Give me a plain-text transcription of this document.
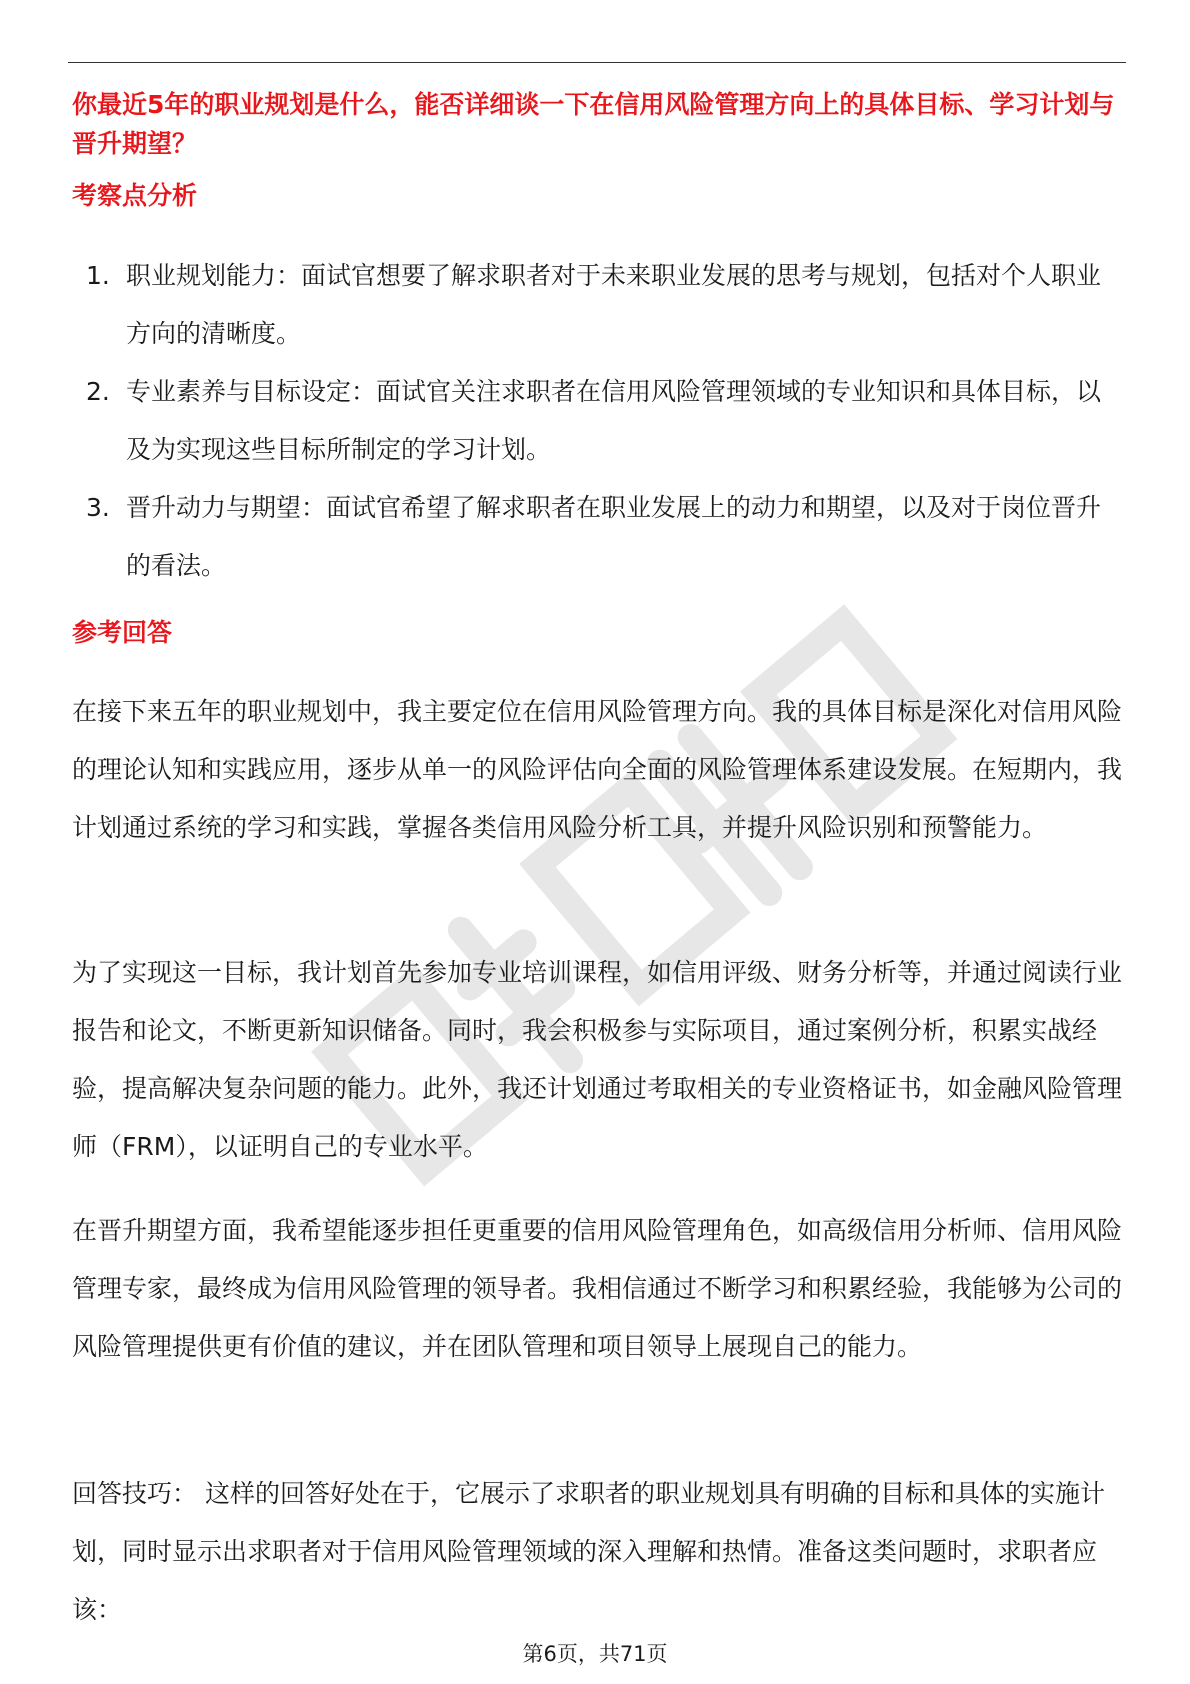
你最近5年的职业规划是什么，能否详细谈一下在信用风险管理方向上的具体目标、学习计划与晋升期望？
考察点分析
1. 职业规划能力：面试官想要了解求职者对于未来职业发展的思考与规划，包括对个人职业方向的清晰度。
2. 专业素养与目标设定：面试官关注求职者在信用风险管理领域的专业知识和具体目标，以及为实现这些目标所制定的学习计划。
3. 晋升动力与期望：面试官希望了解求职者在职业发展上的动力和期望，以及对于岗位晋升的看法。
参考回答

在接下来五年的职业规划中，我主要定位在信用风险管理方向。我的具体目标是深化对信用风险的理论认知和实践应用，逐步从单一的风险评估向全面的风险管理体系建设发展。在短期内，我计划通过系统的学习和实践，掌握各类信用风险分析工具，并提升风险识别和预警能力。

为了实现这一目标，我计划首先参加专业培训课程，如信用评级、财务分析等，并通过阅读行业报告和论文，不断更新知识储备。同时，我会积极参与实际项目，通过案例分析，积累实战经验，提高解决复杂问题的能力。此外，我还计划通过考取相关的专业资格证书，如金融风险管理师（FRM），以证明自己的专业水平。

在晋升期望方面，我希望能逐步担任更重要的信用风险管理角色，如高级信用分析师、信用风险管理专家，最终成为信用风险管理的领导者。我相信通过不断学习和积累经验，我能够为公司的风险管理提供更有价值的建议，并在团队管理和项目领导上展现自己的能力。

回答技巧： 这样的回答好处在于，它展示了求职者的职业规划具有明确的目标和具体的实施计划，同时显示出求职者对于信用风险管理领域的深入理解和热情。准备这类问题时，求职者应该：

第6页，共71页
